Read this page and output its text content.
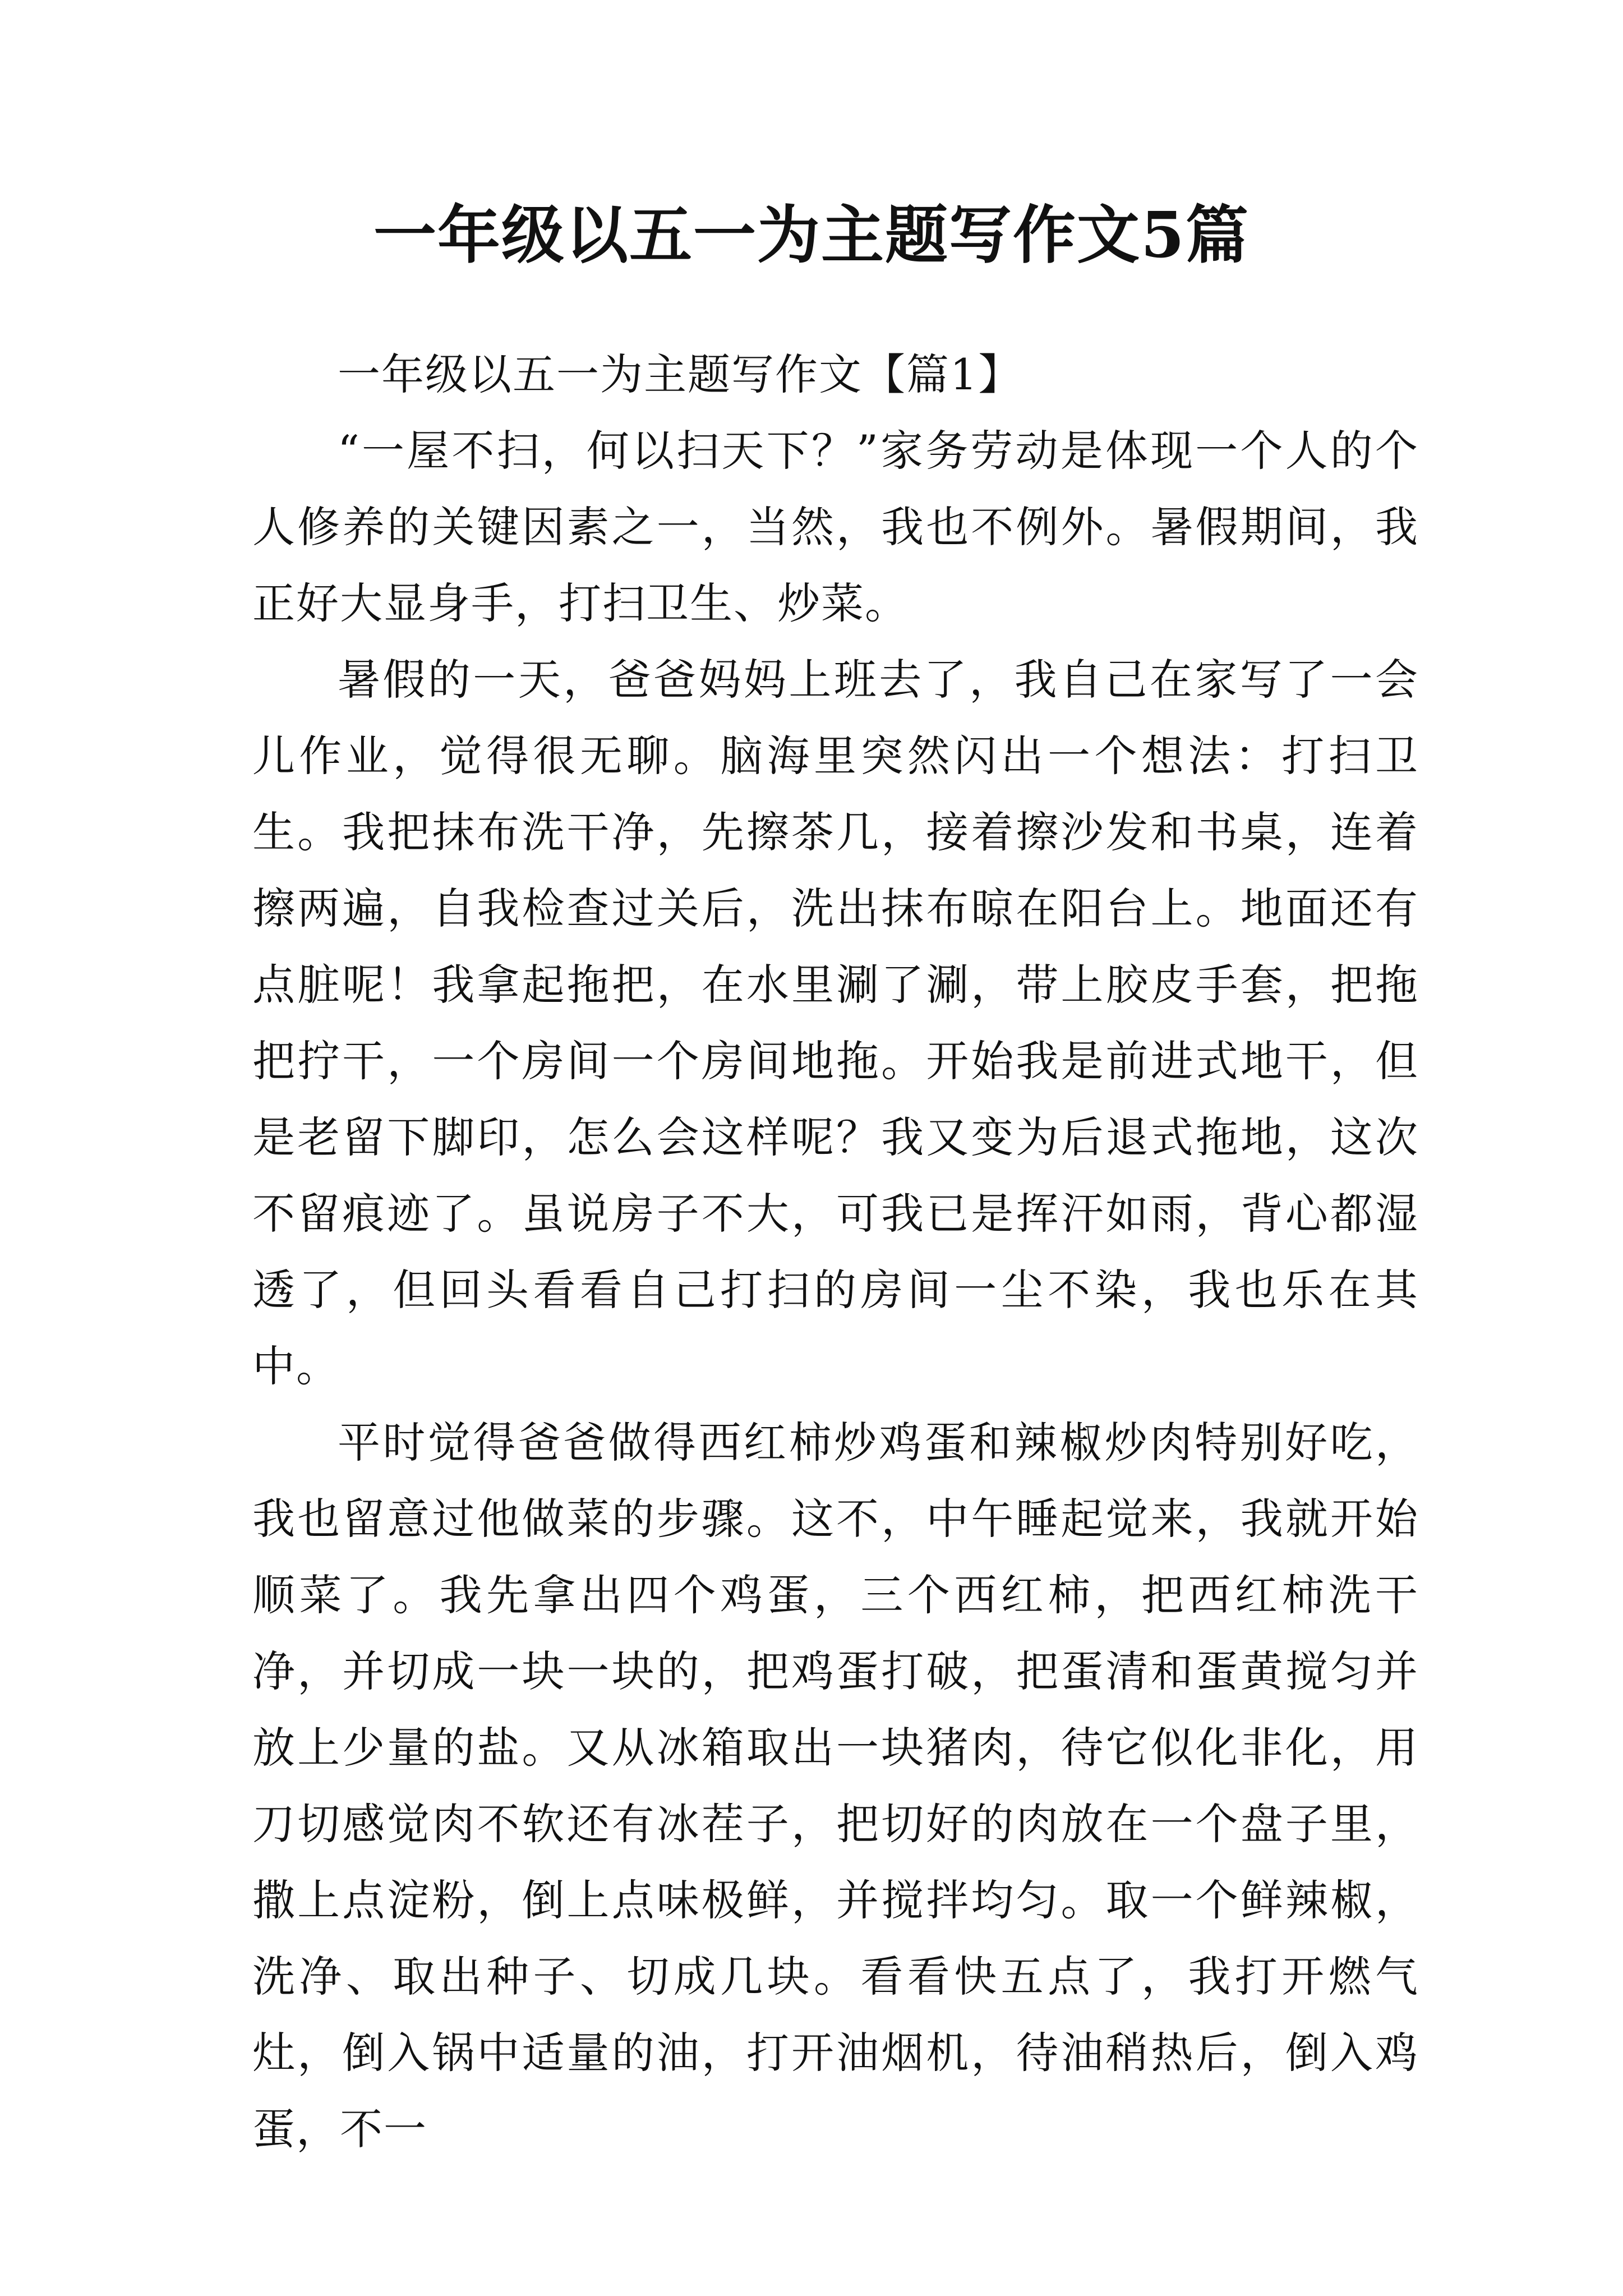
一年级以五一为主题写作文5篇

一年级以五一为主题写作文【篇1】

“一屋不扫，何以扫天下？”家务劳动是体现一个人的个人修养的关键因素之一，当然，我也不例外。暑假期间，我正好大显身手，打扫卫生、炒菜。

暑假的一天，爸爸妈妈上班去了，我自己在家写了一会儿作业，觉得很无聊。脑海里突然闪出一个想法：打扫卫生。我把抹布洗干净，先擦茶几，接着擦沙发和书桌，连着擦两遍，自我检查过关后，洗出抹布晾在阳台上。地面还有点脏呢！我拿起拖把，在水里涮了涮，带上胶皮手套，把拖把拧干，一个房间一个房间地拖。开始我是前进式地干，但是老留下脚印，怎么会这样呢？我又变为后退式拖地，这次不留痕迹了。虽说房子不大，可我已是挥汗如雨，背心都湿透了，但回头看看自己打扫的房间一尘不染，我也乐在其中。

平时觉得爸爸做得西红柿炒鸡蛋和辣椒炒肉特别好吃，我也留意过他做菜的步骤。这不，中午睡起觉来，我就开始顺菜了。我先拿出四个鸡蛋，三个西红柿，把西红柿洗干净，并切成一块一块的，把鸡蛋打破，把蛋清和蛋黄搅匀并放上少量的盐。又从冰箱取出一块猪肉，待它似化非化，用刀切感觉肉不软还有冰茬子，把切好的肉放在一个盘子里，撒上点淀粉，倒上点味极鲜，并搅拌均匀。取一个鲜辣椒，洗净、取出种子、切成几块。看看快五点了，我打开燃气灶，倒入锅中适量的油，打开油烟机，待油稍热后，倒入鸡蛋，不一
